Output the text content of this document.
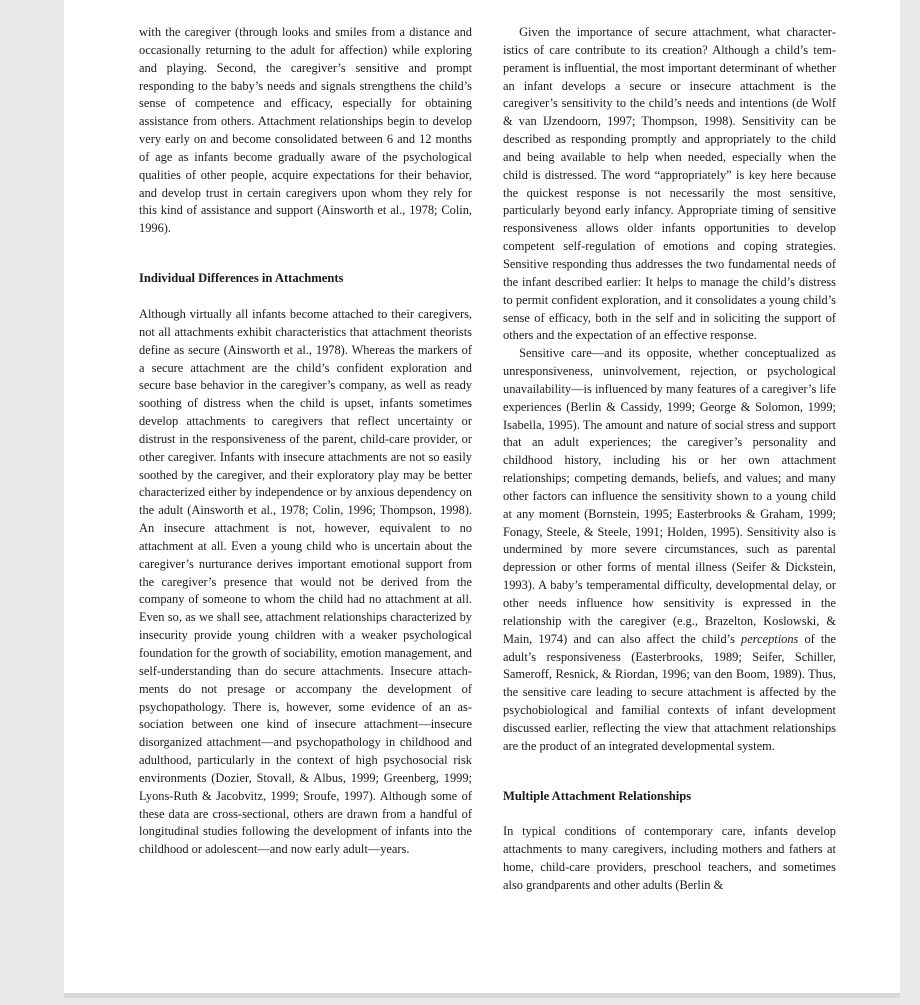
with the caregiver (through looks and smiles from a distance and occasionally returning to the adult for affection) while exploring and playing. Second, the caregiver’s sensitive and prompt responding to the baby’s needs and signals strengthens the child’s sense of competence and efficacy, especially for obtaining assistance from others. Attachment relationships begin to develop very early on and become consolidated between 6 and 12 months of age as infants become gradually aware of the psychological qualities of other people, acquire expectations for their behavior, and develop trust in certain caregivers upon whom they rely for this kind of assistance and support (Ainsworth et al., 1978; Colin, 1996).

Individual Differences in Attachments

Although virtually all infants become attached to their caregivers, not all attachments exhibit characteristics that attachment theorists define as secure (Ainsworth et al., 1978). Whereas the markers of a secure attachment are the child’s confident exploration and secure base behavior in the caregiver’s company, as well as ready soothing of distress when the child is upset, infants sometimes develop attachments to caregivers that reflect uncertainty or distrust in the responsiveness of the parent, child-care provider, or other caregiver. Infants with insecure attachments are not so easily soothed by the caregiver, and their exploratory play may be better characterized either by independence or by anxious dependency on the adult (Ainsworth et al., 1978; Colin, 1996; Thompson, 1998). An insecure attachment is not, however, equivalent to no attachment at all. Even a young child who is uncertain about the caregiver’s nurturance derives important emotional support from the caregiver’s presence that would not be derived from the company of someone to whom the child had no attachment at all. Even so, as we shall see, attachment relationships characterized by insecurity provide young children with a weaker psychological foundation for the growth of sociability, emotion management, and self-understanding than do secure attachments. Insecure attachments do not presage or accompany the development of psychopathology. There is, however, some evidence of an association between one kind of insecure attachment—insecure disorganized attachment—and psychopathology in childhood and adulthood, particularly in the context of high psychosocial risk environments (Dozier, Stovall, & Albus, 1999; Greenberg, 1999; Lyons-Ruth & Jacobvitz, 1999; Sroufe, 1997). Although some of these data are cross-sectional, others are drawn from a handful of longitudinal studies following the development of infants into the childhood or adolescent—and now early adult—years.

Given the importance of secure attachment, what characteristics of care contribute to its creation? Although a child’s temperament is influential, the most important determinant of whether an infant develops a secure or insecure attachment is the caregiver’s sensitivity to the child’s needs and intentions (de Wolf & van IJzendoorn, 1997; Thompson, 1998). Sensitivity can be described as responding promptly and appropriately to the child and being available to help when needed, especially when the child is distressed. The word “appropriately” is key here because the quickest response is not necessarily the most sensitive, particularly beyond early infancy. Appropriate timing of sensitive responsiveness allows older infants opportunities to develop competent self-regulation of emotions and coping strategies. Sensitive responding thus addresses the two fundamental needs of the infant described earlier: It helps to manage the child’s distress to permit confident exploration, and it consolidates a young child’s sense of efficacy, both in the self and in soliciting the support of others and the expectation of an effective response.

Sensitive care—and its opposite, whether conceptualized as unresponsiveness, uninvolvement, rejection, or psychological unavailability—is influenced by many features of a caregiver’s life experiences (Berlin & Cassidy, 1999; George & Solomon, 1999; Isabella, 1995). The amount and nature of social stress and support that an adult experiences; the caregiver’s personality and childhood history, including his or her own attachment relationships; competing demands, beliefs, and values; and many other factors can influence the sensitivity shown to a young child at any moment (Bornstein, 1995; Easterbrooks & Graham, 1999; Fonagy, Steele, & Steele, 1991; Holden, 1995). Sensitivity also is undermined by more severe circumstances, such as parental depression or other forms of mental illness (Seifer & Dickstein, 1993). A baby’s temperamental difficulty, developmental delay, or other needs influence how sensitivity is expressed in the relationship with the caregiver (e.g., Brazelton, Koslowski, & Main, 1974) and can also affect the child’s perceptions of the adult’s responsiveness (Easterbrooks, 1989; Seifer, Schiller, Sameroff, Resnick, & Riordan, 1996; van den Boom, 1989). Thus, the sensitive care leading to secure attachment is affected by the psychobiological and familial contexts of infant development discussed earlier, reflecting the view that attachment relationships are the product of an integrated developmental system.

Multiple Attachment Relationships

In typical conditions of contemporary care, infants develop attachments to many caregivers, including mothers and fathers at home, child-care providers, preschool teachers, and sometimes also grandparents and other adults (Berlin &
